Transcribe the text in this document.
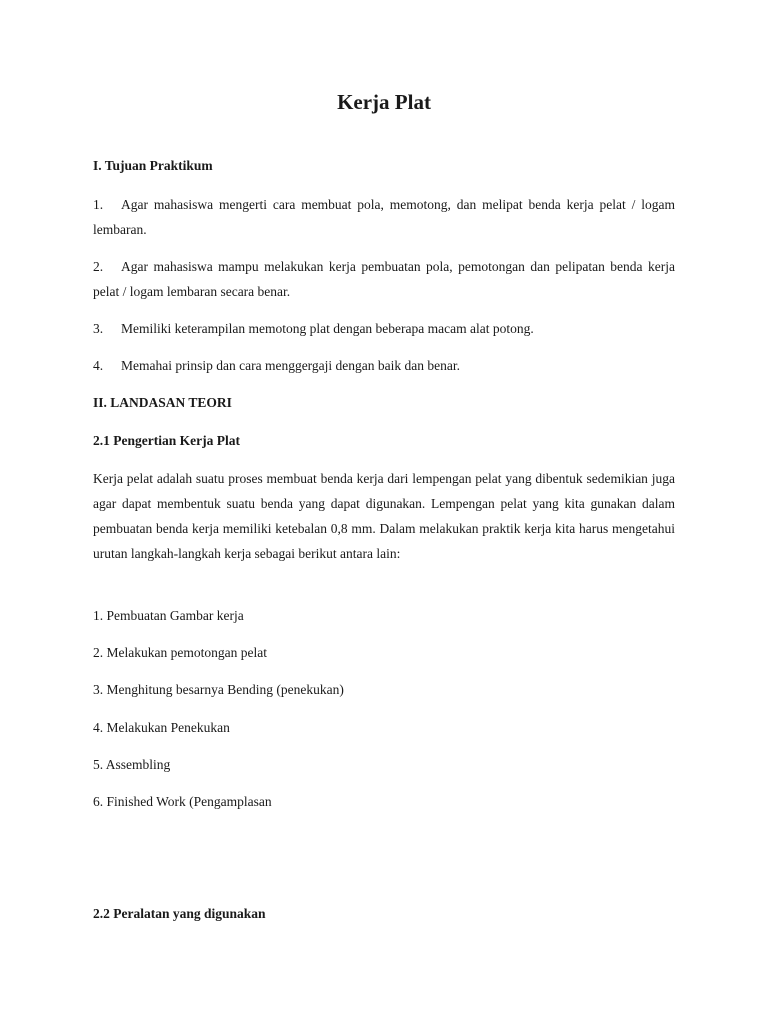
Kerja Plat
I. Tujuan Praktikum

1. Agar mahasiswa mengerti cara membuat pola, memotong, dan melipat benda kerja pelat / logam lembaran.

2. Agar mahasiswa mampu melakukan kerja pembuatan pola, pemotongan dan pelipatan benda kerja pelat / logam lembaran secara benar.

3. Memiliki keterampilan memotong plat dengan beberapa macam alat potong.

4. Memahai prinsip dan cara menggergaji dengan baik dan benar.

II. LANDASAN TEORI
2.1 Pengertian Kerja Plat

Kerja pelat adalah suatu proses membuat benda kerja dari lempengan pelat yang dibentuk sedemikian juga agar dapat membentuk suatu benda yang dapat digunakan. Lempengan pelat yang kita gunakan dalam pembuatan benda kerja memiliki ketebalan 0,8 mm. Dalam melakukan praktik kerja kita harus mengetahui urutan langkah-langkah kerja sebagai berikut antara lain:

1. Pembuatan Gambar kerja

2. Melakukan pemotongan pelat

3. Menghitung besarnya Bending (penekukan)

4. Melakukan Penekukan

5. Assembling

6. Finished Work (Pengamplasan

2.2 Peralatan yang digunakan
